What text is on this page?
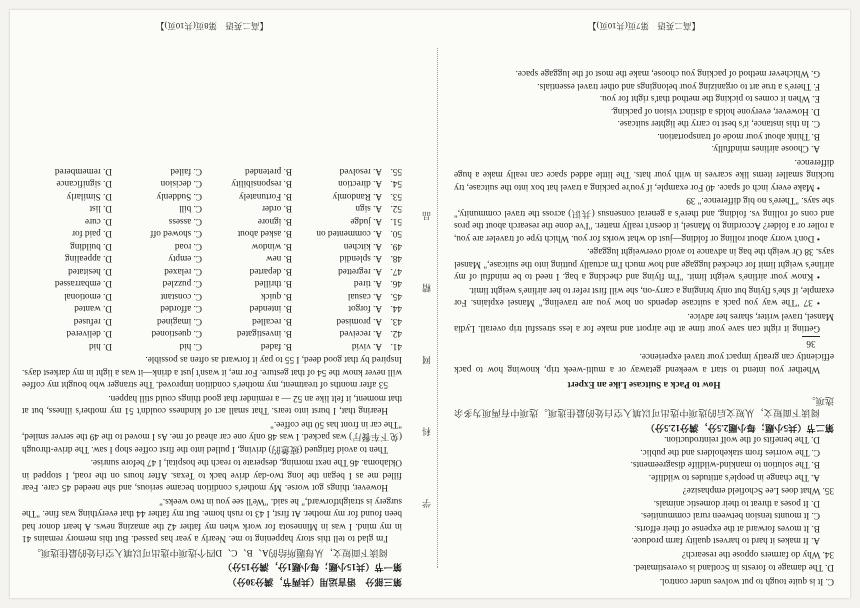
C. It is quite tough to put wolves under control.

D. The damage to forests in Scotland is overestimated.

34. Why do farmers oppose the research?

A. It makes it hard to harvest quality farm produce.

B. It moves forward at the expense of their efforts.

C. It mounts tension between rural communities.

D. It poses a threat to their domestic animals.

35. What does Lee Schofield emphasize?

A. The change in people's attitudes to wildlife.

B. The solution to mankind-wildlife disagreements.

C. The worries from stakeholders and the public.

D. The benefits of the wolf reintroduction.

第二节（共5小题；每小题2.5分，满分12.5分）

阅读下面短文，从短文后的选项中选出可以填入空白处的最佳选项。选项中有两项为多余选项。

How to Pack a Suitcase Like an Expert

Whether you intend to start a weekend getaway or a multi-week trip, knowing how to pack efficiently can greatly impact your travel experience.

36

Getting it right can save your time at the airport and make for a less stressful trip overall. Lydia Mansel, travel writer, shares her advice.

• 37 "The way you pack a suitcase depends on how you are traveling," Mansel explains. For example, if she's flying but only bringing a carry-on, she will first refer to her airline's weight limit.

• Know your airline's weight limit. "I'm flying and checking a bag. I need to be mindful of my airline's weight limit for checked luggage and how much I'm actually putting into the suitcase," Mansel says. 38 Or weigh the bag in advance to avoid overweight luggage.

• Don't worry about rolling or folding—just do what works for you. Which type of traveler are you, a roller or a folder? According to Mansel, it doesn't really matter. "I've done the research about the pros and cons of rolling vs. folding, and there's a general consensus (共识) across the travel community," she says. "There's no big difference." 39

• Make every inch of space. 40 For example, if you're packing a travel hat box into the suitcase, try tucking smaller items like scarves in with your hats. The little added space can really make a huge difference.

A. Choose airlines mindfully.

B. Think about your mode of transportation.

C. In this instance, it's best to carry the lighter suitcase.

D. However, everyone holds a distinct vision of packing.

E. When it comes to picking the method that's right for you.

F. There's a true art to organizing your belongings and other travel essentials.

G. Whichever method of packing you choose, make the most of the luggage space.

【高二英语　第7页(共10页)】
学 科 网 精 品

第三部分　语言运用（共两节，满分30分）

第一节（共15小题；每小题1分，满分15分）

阅读下面短文，从每题所给的A、B、C、D四个选项中选出可以填入空白处的最佳选项。

I'm glad to tell this story happening to me. Nearly a year has passed. But this memory remains 41 in my mind. I was in Minnesota for work when my father 42 the amazing news. A heart donor had been found for my mother. At first, I 43 to rush home. But my father 44 that everything was fine. "The surgery is straightforward," he said. "We'll see you in two weeks."

However, things got worse. My mother's condition became serious, and she needed 45 care. Fear filled me as I began the long two-day drive back to Texas. After hours on the road, I stopped in Oklahoma. 46 The next morning, desperate to reach the hospital, I 47 before sunrise.

Then to avoid fatigued (疲惫的) driving, I pulled into the first coffee shop I saw. The drive-through (免下车餐厅) was packed. I was 48 only one car ahead of me. As I moved to the 49 the server smiled, "The car in front has 50 the coffee."

Hearing that, I burst into tears. That small act of kindness couldn't 51 my mother's illness, but at that moment, it felt like an 52 — a reminder that good things could still happen.

53 after months of treatment, my mother's condition improved. The stranger who bought my coffee will never know the 54 of that gesture. For me, it wasn't just a drink—it was a light in my darkest days. Inspired by that good deed, I 55 to pay it forward as often as possible.

41.
A. vivid
B. faded
C. hid
D. hid
42.
A. received
B. investigated
C. questioned
D. delivered
43.
A. promised
B. recalled
C. imagined
D. refused
44.
A. forgot
B. intended
C. afforded
D. wanted
45.
A. casual
B. quick
C. constant
D. emotional
46.
A. tired
B. thrilled
C. puzzled
D. embarrassed
47.
A. regretted
B. departed
C. relaxed
D. hesitated
48.
A. splendid
B. new
C. empty
D. appealing
49.
A. kitchen
B. window
C. road
D. building
50.
A. commented on
B. asked about
C. showed off
D. paid for
51.
A. judge
B. ignore
C. assess
D. cure
52.
A. sign
B. order
C. bill
D. list
53.
A. Randomly
B. Fortunately
C. Suddenly
D. Similarly
54.
A. direction
B. responsibility
C. decision
D. significance
55.
A. resolved
B. pretended
C. failed
D. remembered
【高二英语　第8页(共10页)】
